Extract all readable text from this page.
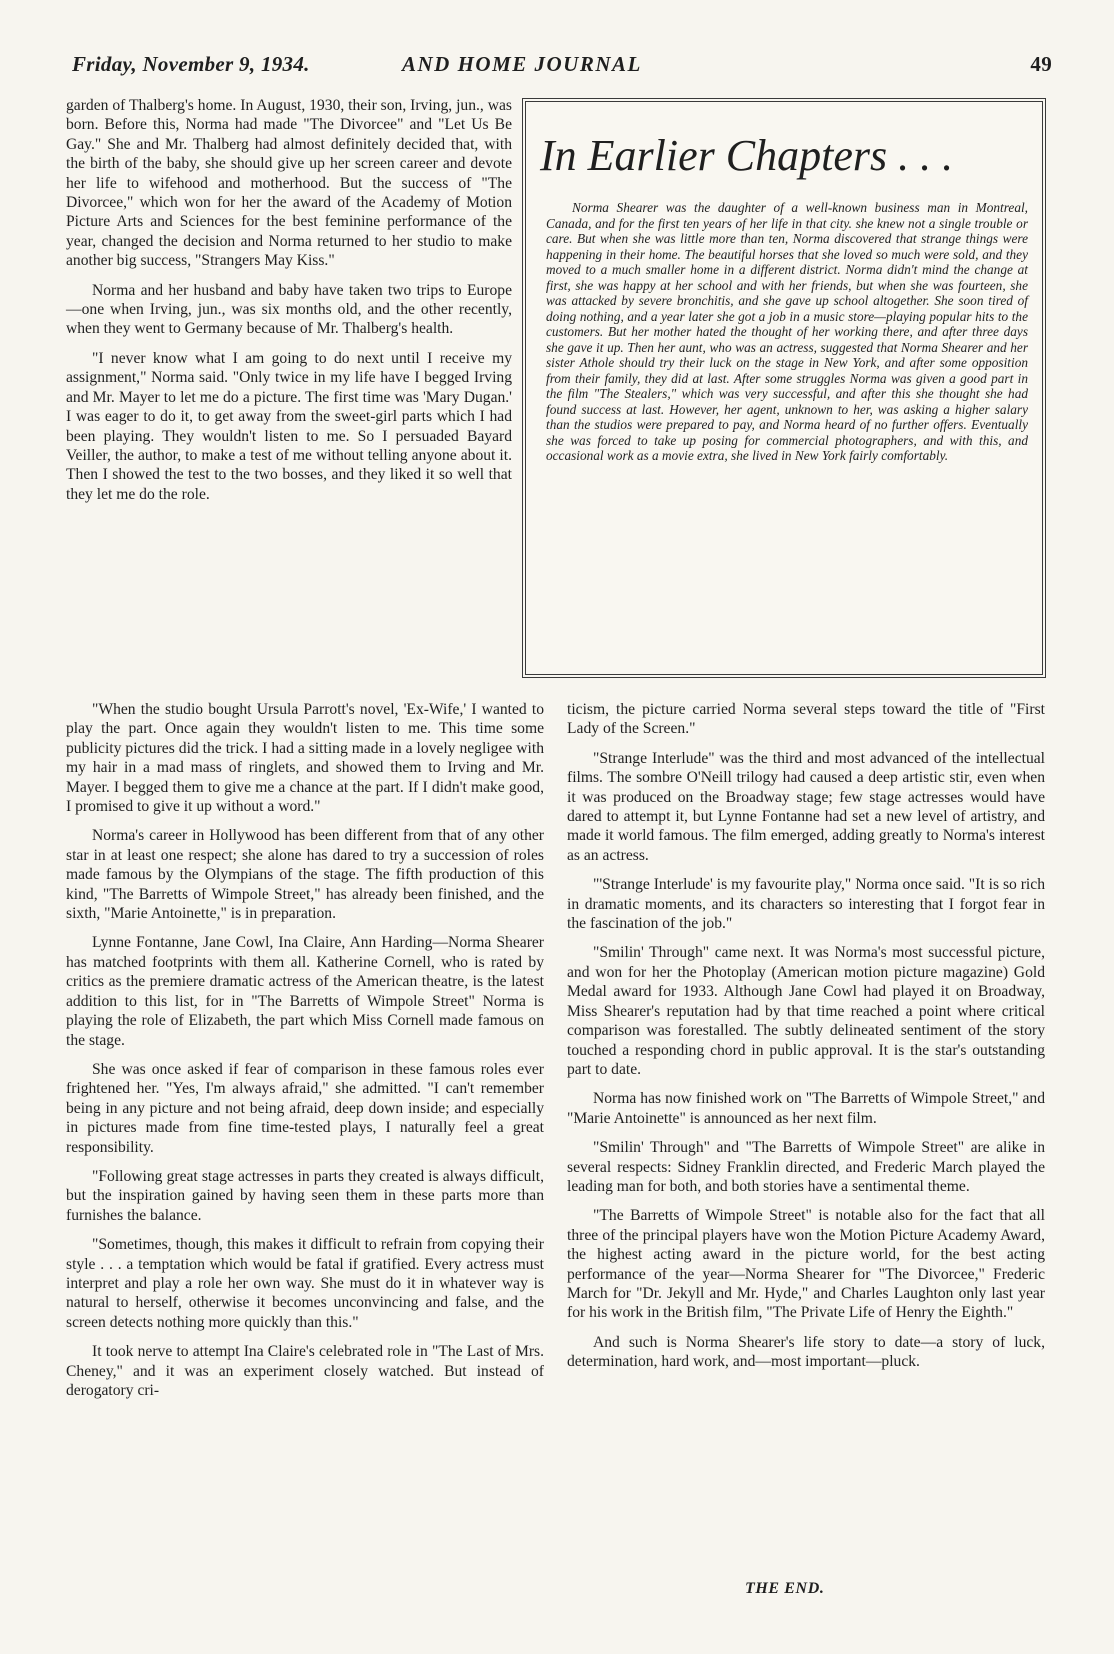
Friday, November 9, 1934.	AND HOME JOURNAL	49

garden of Thalberg's home. In August, 1930, their son, Irving, jun., was born. Before this, Norma had made "The Divorcee" and "Let Us Be Gay." She and Mr. Thalberg had almost definitely decided that, with the birth of the baby, she should give up her screen career and devote her life to wifehood and motherhood. But the success of "The Divorcee," which won for her the award of the Academy of Motion Picture Arts and Sciences for the best feminine performance of the year, changed the decision and Norma returned to her studio to make another big success, "Strangers May Kiss."

Norma and her husband and baby have taken two trips to Europe—one when Irving, jun., was six months old, and the other recently, when they went to Germany because of Mr. Thalberg's health.

"I never know what I am going to do next until I receive my assignment," Norma said. "Only twice in my life have I begged Irving and Mr. Mayer to let me do a picture. The first time was 'Mary Dugan.' I was eager to do it, to get away from the sweet-girl parts which I had been playing. They wouldn't listen to me. So I persuaded Bayard Veiller, the author, to make a test of me without telling anyone about it. Then I showed the test to the two bosses, and they liked it so well that they let me do the role.

In Earlier Chapters . . .
Norma Shearer was the daughter of a well-known business man in Montreal, Canada, and for the first ten years of her life in that city. she knew not a single trouble or care. But when she was little more than ten, Norma discovered that strange things were happening in their home. The beautiful horses that she loved so much were sold, and they moved to a much smaller home in a different district. Norma didn't mind the change at first, she was happy at her school and with her friends, but when she was fourteen, she was attacked by severe bronchitis, and she gave up school altogether. She soon tired of doing nothing, and a year later she got a job in a music store—playing popular hits to the customers. But her mother hated the thought of her working there, and after three days she gave it up. Then her aunt, who was an actress, suggested that Norma Shearer and her sister Athole should try their luck on the stage in New York, and after some opposition from their family, they did at last. After some struggles Norma was given a good part in the film "The Stealers," which was very successful, and after this she thought she had found success at last. However, her agent, unknown to her, was asking a higher salary than the studios were prepared to pay, and Norma heard of no further offers. Eventually she was forced to take up posing for commercial photographers, and with this, and occasional work as a movie extra, she lived in New York fairly comfortably.

"When the studio bought Ursula Parrott's novel, 'Ex-Wife,' I wanted to play the part. Once again they wouldn't listen to me. This time some publicity pictures did the trick. I had a sitting made in a lovely negligee with my hair in a mad mass of ringlets, and showed them to Irving and Mr. Mayer. I begged them to give me a chance at the part. If I didn't make good, I promised to give it up without a word."

Norma's career in Hollywood has been different from that of any other star in at least one respect; she alone has dared to try a succession of roles made famous by the Olympians of the stage. The fifth production of this kind, "The Barretts of Wimpole Street," has already been finished, and the sixth, "Marie Antoinette," is in preparation.

Lynne Fontanne, Jane Cowl, Ina Claire, Ann Harding—Norma Shearer has matched footprints with them all. Katherine Cornell, who is rated by critics as the premiere dramatic actress of the American theatre, is the latest addition to this list, for in "The Barretts of Wimpole Street" Norma is playing the role of Elizabeth, the part which Miss Cornell made famous on the stage.

She was once asked if fear of comparison in these famous roles ever frightened her. "Yes, I'm always afraid," she admitted. "I can't remember being in any picture and not being afraid, deep down inside; and especially in pictures made from fine time-tested plays, I naturally feel a great responsibility.

"Following great stage actresses in parts they created is always difficult, but the inspiration gained by having seen them in these parts more than furnishes the balance.

"Sometimes, though, this makes it difficult to refrain from copying their style . . . a temptation which would be fatal if gratified. Every actress must interpret and play a role her own way. She must do it in whatever way is natural to herself, otherwise it becomes unconvincing and false, and the screen detects nothing more quickly than this."

It took nerve to attempt Ina Claire's celebrated role in "The Last of Mrs. Cheney," and it was an experiment closely watched. But instead of derogatory cri-

ticism, the picture carried Norma several steps toward the title of "First Lady of the Screen."

"Strange Interlude" was the third and most advanced of the intellectual films. The sombre O'Neill trilogy had caused a deep artistic stir, even when it was produced on the Broadway stage; few stage actresses would have dared to attempt it, but Lynne Fontanne had set a new level of artistry, and made it world famous. The film emerged, adding greatly to Norma's interest as an actress.

"'Strange Interlude' is my favourite play," Norma once said. "It is so rich in dramatic moments, and its characters so interesting that I forgot fear in the fascination of the job."

"Smilin' Through" came next. It was Norma's most successful picture, and won for her the Photoplay (American motion picture magazine) Gold Medal award for 1933. Although Jane Cowl had played it on Broadway, Miss Shearer's reputation had by that time reached a point where critical comparison was forestalled. The subtly delineated sentiment of the story touched a responding chord in public approval. It is the star's outstanding part to date.

Norma has now finished work on "The Barretts of Wimpole Street," and "Marie Antoinette" is announced as her next film.

"Smilin' Through" and "The Barretts of Wimpole Street" are alike in several respects: Sidney Franklin directed, and Frederic March played the leading man for both, and both stories have a sentimental theme.

"The Barretts of Wimpole Street" is notable also for the fact that all three of the principal players have won the Motion Picture Academy Award, the highest acting award in the picture world, for the best acting performance of the year—Norma Shearer for "The Divorcee," Frederic March for "Dr. Jekyll and Mr. Hyde," and Charles Laughton only last year for his work in the British film, "The Private Life of Henry the Eighth."

And such is Norma Shearer's life story to date—a story of luck, determination, hard work, and—most important—pluck.

THE END.
